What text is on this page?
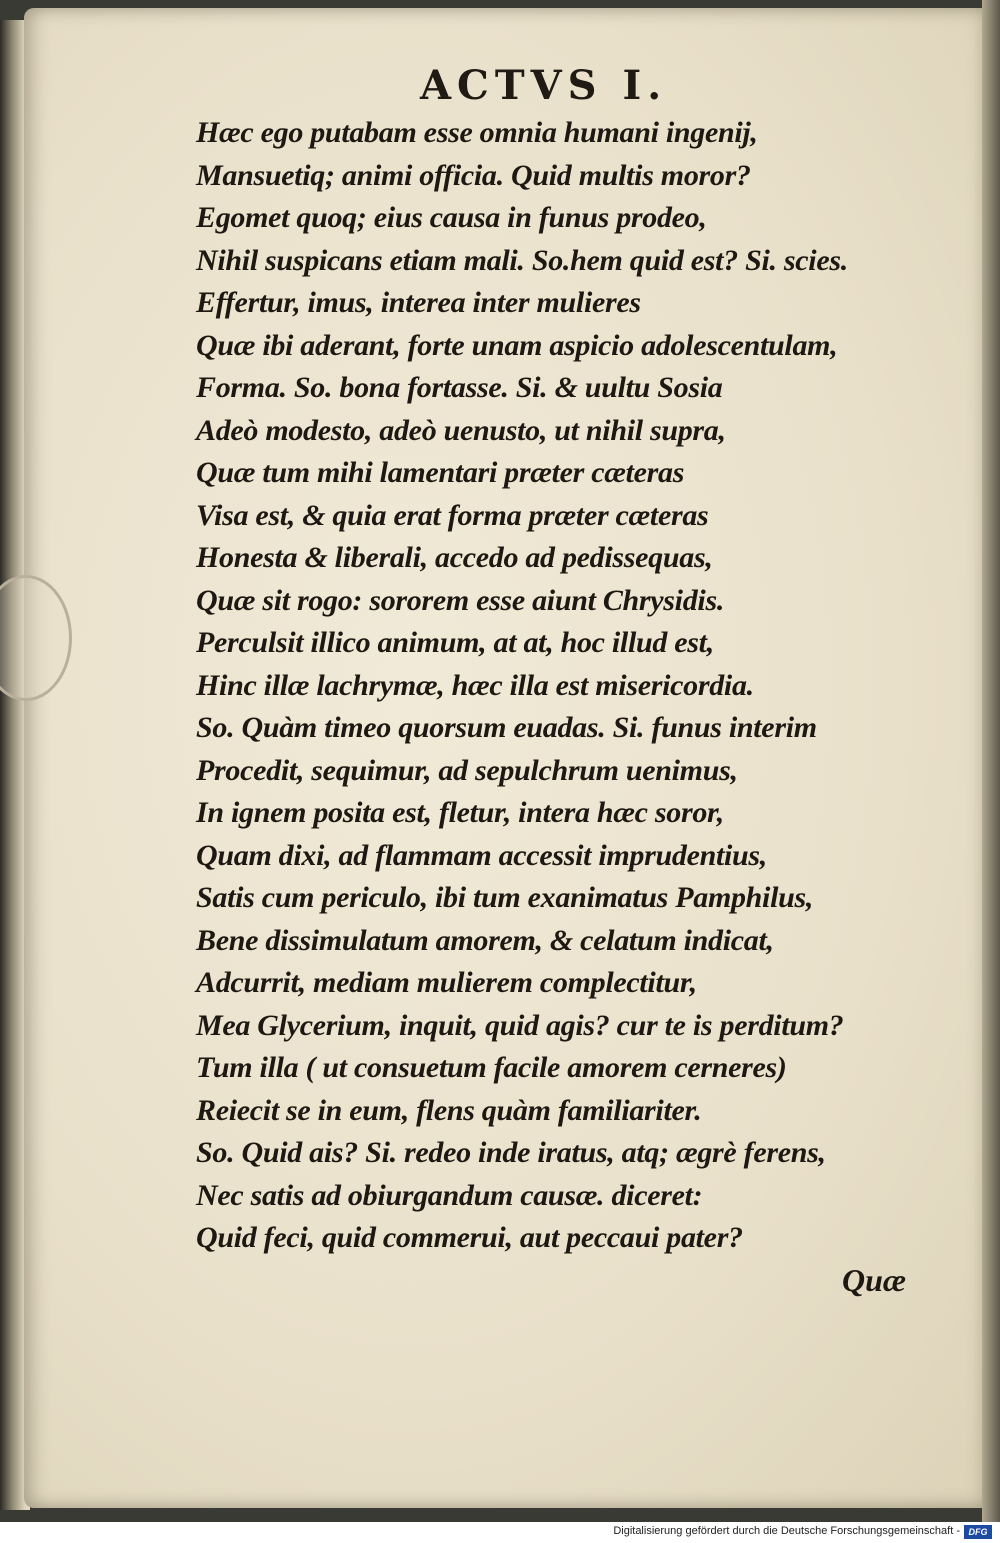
ACTVS I.
Hæc ego putabam esse omnia humani ingenij,
Mansuetiq; animi officia. Quid multis moror?
Egomet quoq; eius causa in funus prodeo,
Nihil suspicans etiam mali. So.hem quid est? Si. scies.
Effertur, imus, interea inter mulieres
Quæ ibi aderant, forte unam aspicio adolescentulam,
Forma. So. bona fortasse. Si. & uultu Sosia
Adeò modesto, adeò uenusto, ut nihil supra,
Quæ tum mihi lamentari præter cæteras
Visa est, & quia erat forma præter cæteras
Honesta & liberali, accedo ad pedissequas,
Quæ sit rogo: sororem esse aiunt Chrysidis.
Perculsit illico animum, at at, hoc illud est,
Hinc illæ lachrymæ, hæc illa est misericordia.
So. Quàm timeo quorsum euadas. Si. funus interim
Procedit, sequimur, ad sepulchrum uenimus,
In ignem posita est, fletur, intera hæc soror,
Quam dixi, ad flammam accessit imprudentius,
Satis cum periculo, ibi tum exanimatus Pamphilus,
Bene dissimulatum amorem, & celatum indicat,
Adcurrit, mediam mulierem complectitur,
Mea Glycerium, inquit, quid agis? cur te is perditum?
Tum illa ( ut consuetum facile amorem cerneres)
Reiecit se in eum, flens quàm familiariter.
So. Quid ais? Si. redeo inde iratus, atq; ægrè ferens,
Nec satis ad obiurgandum causæ. diceret:
Quid feci, quid commerui, aut peccaui pater?
Quæ
Digitalisierung gefördert durch die Deutsche Forschungsgemeinschaft - DFG
